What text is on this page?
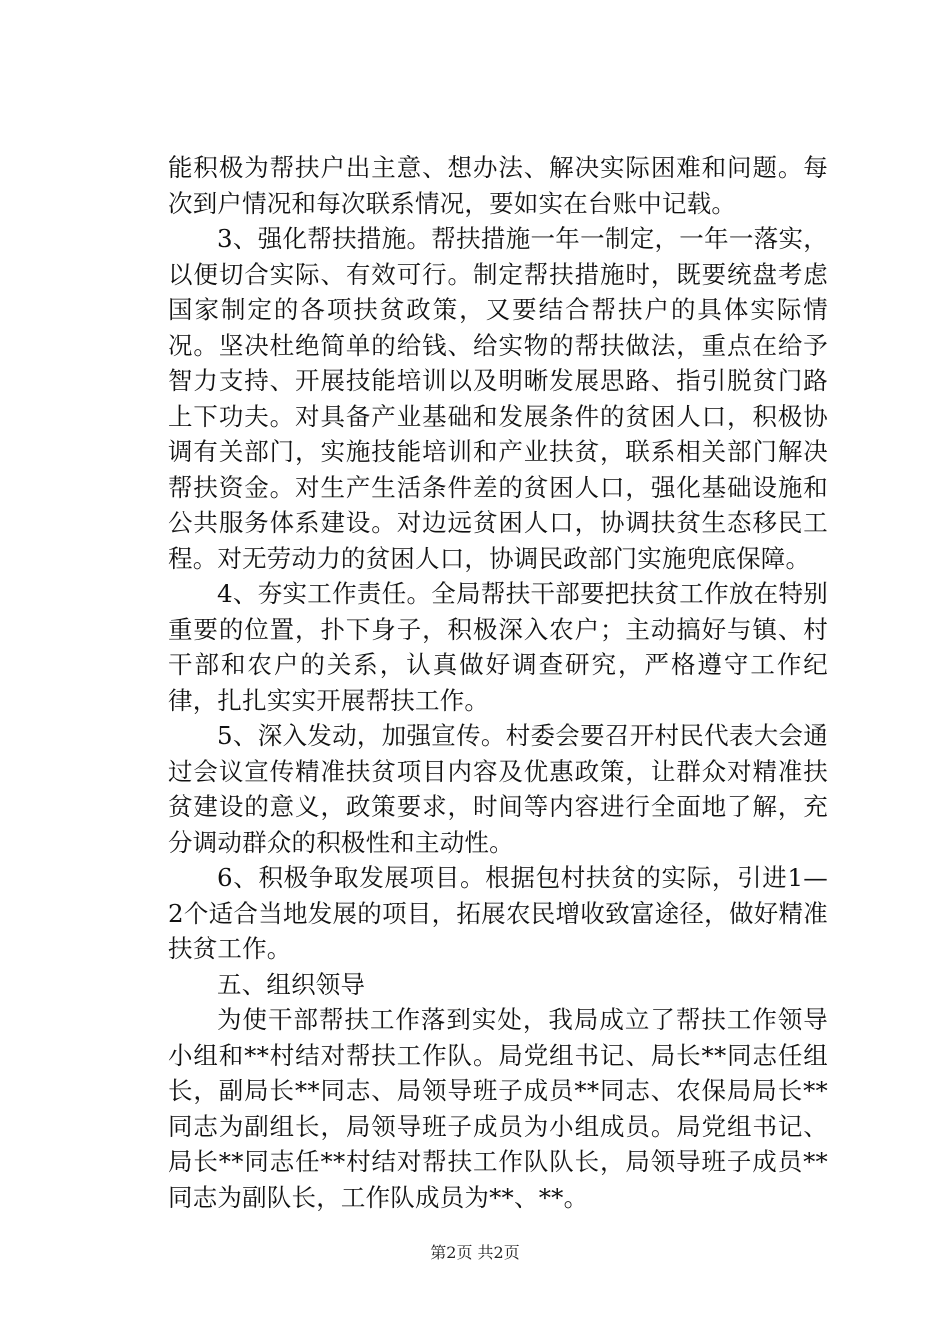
能积极为帮扶户出主意、想办法、解决实际困难和问题。每次到户情况和每次联系情况，要如实在台账中记载。

3、强化帮扶措施。帮扶措施一年一制定，一年一落实，以便切合实际、有效可行。制定帮扶措施时，既要统盘考虑国家制定的各项扶贫政策，又要结合帮扶户的具体实际情况。坚决杜绝简单的给钱、给实物的帮扶做法，重点在给予智力支持、开展技能培训以及明晰发展思路、指引脱贫门路上下功夫。对具备产业基础和发展条件的贫困人口，积极协调有关部门，实施技能培训和产业扶贫，联系相关部门解决帮扶资金。对生产生活条件差的贫困人口，强化基础设施和公共服务体系建设。对边远贫困人口，协调扶贫生态移民工程。对无劳动力的贫困人口，协调民政部门实施兜底保障。

4、夯实工作责任。全局帮扶干部要把扶贫工作放在特别重要的位置，扑下身子，积极深入农户；主动搞好与镇、村干部和农户的关系，认真做好调查研究，严格遵守工作纪律，扎扎实实开展帮扶工作。

5、深入发动，加强宣传。村委会要召开村民代表大会通过会议宣传精准扶贫项目内容及优惠政策，让群众对精准扶贫建设的意义，政策要求，时间等内容进行全面地了解，充分调动群众的积极性和主动性。

6、积极争取发展项目。根据包村扶贫的实际，引进1—2个适合当地发展的项目，拓展农民增收致富途径，做好精准扶贫工作。

五、组织领导

为使干部帮扶工作落到实处，我局成立了帮扶工作领导小组和**村结对帮扶工作队。局党组书记、局长**同志任组长，副局长**同志、局领导班子成员**同志、农保局局长**同志为副组长，局领导班子成员为小组成员。局党组书记、局长**同志任**村结对帮扶工作队队长，局领导班子成员**同志为副队长，工作队成员为**、**。

第2页 共2页
